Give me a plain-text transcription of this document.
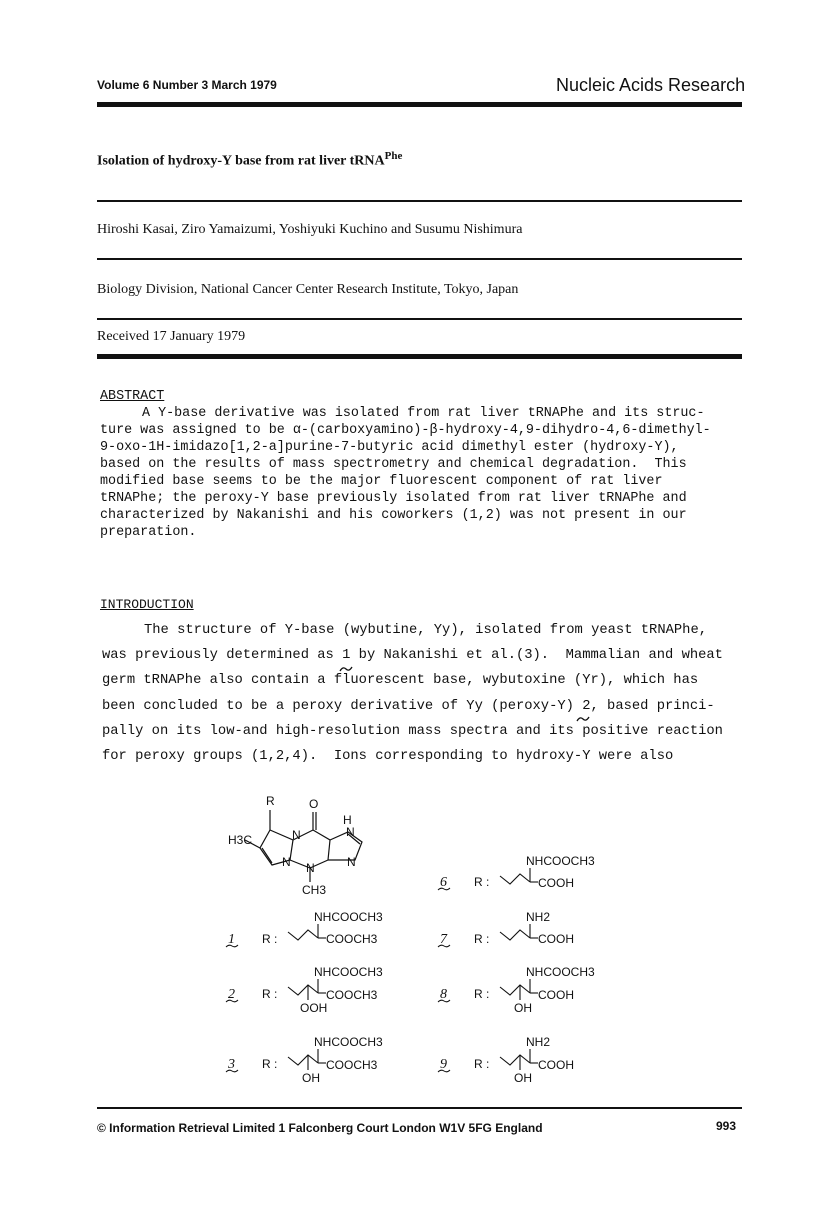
Volume 6 Number 3 March 1979	Nucleic Acids Research
Isolation of hydroxy-Y base from rat liver tRNA$^{Phe}$
Hiroshi Kasai, Ziro Yamaizumi, Yoshiyuki Kuchino and Susumu Nishimura
Biology Division, National Cancer Center Research Institute, Tokyo, Japan
Received 17 January 1979
ABSTRACT
A Y-base derivative was isolated from rat liver tRNAPhe and its struc-
ture was assigned to be α-(carboxyamino)-β-hydroxy-4,9-dihydro-4,6-dimethyl-
9-oxo-1H-imidazo[1,2-a]purine-7-butyric acid dimethyl ester (hydroxy-Y),
based on the results of mass spectrometry and chemical degradation.  This
modified base seems to be the major fluorescent component of rat liver
tRNAPhe; the peroxy-Y base previously isolated from rat liver tRNAPhe and
characterized by Nakanishi and his coworkers (1,2) was not present in our
preparation.
INTRODUCTION
The structure of Y-base (wybutine, Yy), isolated from yeast tRNAPhe,
was previously determined as 1 by Nakanishi et al.(3).  Mammalian and wheat
germ tRNAPhe also contain a fluorescent base, wybutoxine (Yr), which has
been concluded to be a peroxy derivative of Yy (peroxy-Y) 2, based princi-
pally on its low-and high-resolution mass spectra and its positive reaction
for peroxy groups (1,2,4).  Ions corresponding to hydroxy-Y were also
R	O
H
N	N
N N	N
H3C
CH3
1 R :
NHCOOCH3
COOCH3
2 R :
NHCOOCH3
COOCH3
OOH
3 R :
NHCOOCH3
COOCH3
OH
6 R :
NHCOOCH3
COOH
7 R :
NH2
COOH
8 R :
NHCOOCH3
COOH
OH
9 R :
NH2
COOH
OH
© Information Retrieval Limited 1 Falconberg Court London W1V 5FG England	993
